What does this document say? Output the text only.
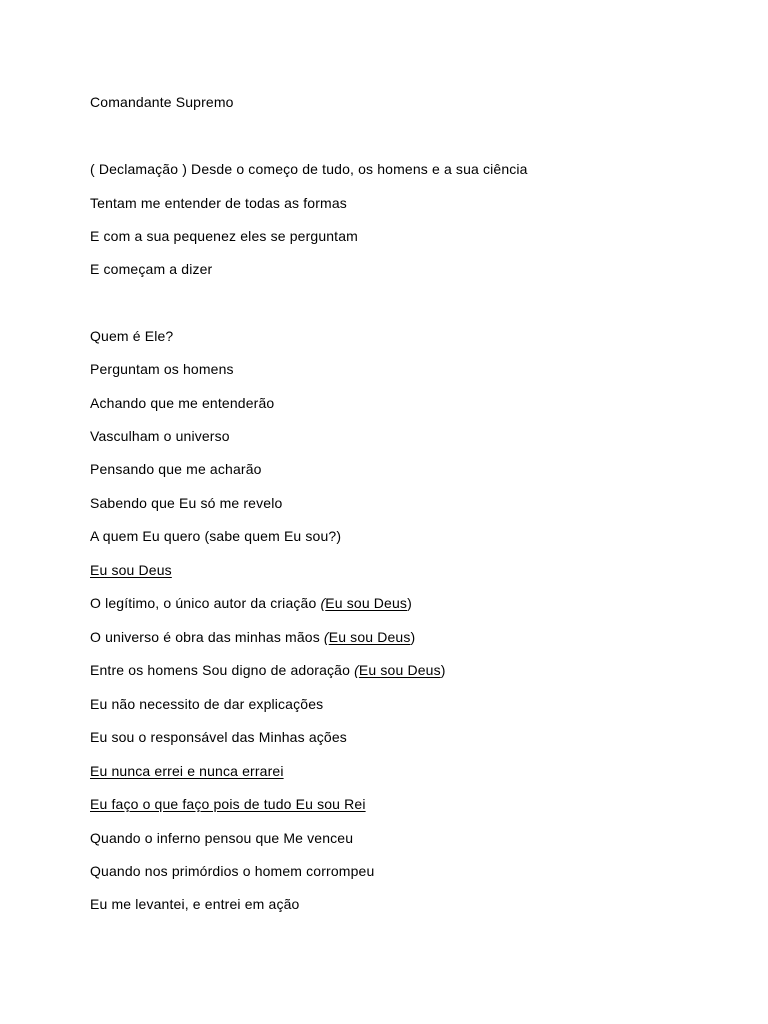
Comandante Supremo
( Declamação ) Desde o começo de tudo, os homens e a sua ciência
Tentam me entender de todas as formas
E com a sua pequenez eles se perguntam
E começam a dizer
Quem é Ele?
Perguntam os homens
Achando que me entenderão
Vasculham o universo
Pensando que me acharão
Sabendo que Eu só me revelo
A quem Eu quero (sabe quem Eu sou?)
Eu sou Deus
O legítimo, o único autor da criação (Eu sou Deus)
O universo é obra das minhas mãos (Eu sou Deus)
Entre os homens Sou digno de adoração (Eu sou Deus)
Eu não necessito de dar explicações
Eu sou o responsável das Minhas ações
Eu nunca errei e nunca errarei
Eu faço o que faço pois de tudo Eu sou Rei
Quando o inferno pensou que Me venceu
Quando nos primórdios o homem corrompeu
Eu me levantei, e entrei em ação
